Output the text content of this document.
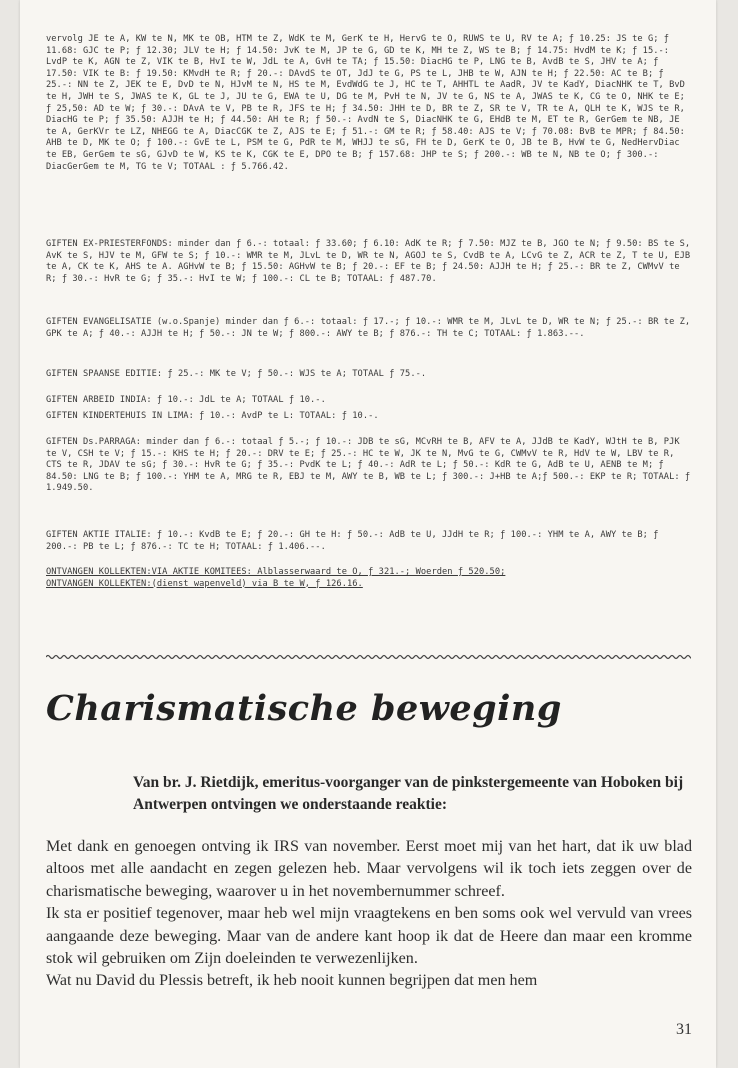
vervolg JE te A, KW te N, MK te OB, HTM te Z, WdK te M, GerK te H, HervG te O, RUWS te U, RV te A; ƒ 10.25: JS te G; ƒ 11.68: GJC te P; ƒ 12.30; JLV te H; ƒ 14.50: JvK te M, JP te G, GD te K, MH te Z, WS te B; ƒ 14.75: HvdM te K; ƒ 15.-: LvdP te K, AGN te Z, VIK te B, HvI te W, JdL te A, GvH te TA; ƒ 15.50: DiacHG te P, LNG te B, AvdB te S, JHV te A; ƒ 17.50: VIK te B: ƒ 19.50: KMvdH te R; ƒ 20.-: DAvdS te OT, JdJ te G, PS te L, JHB te W, AJN te H; ƒ 22.50: AC te B; ƒ 25.-: NN te Z, JEK te E, DvD te N, HJvM te N, HS te M, EvdWdG te J, HC te T, AHHTL te AadR, JV te KadY, DiacNHK te T, BvD te H, JWH te S, JWAS te K, GL te J, JU te G, EWA te U, DG te M, PvH te N, JV te G, NS te A, JWAS te K, CG te O, NHK te E; ƒ 25,50: AD te W; ƒ 30.-: DAvA te V, PB te R, JFS te H; ƒ 34.50: JHH te D, BR te Z, SR te V, TR te A, QLH te K, WJS te R, DiacHG te P; ƒ 35.50: AJJH te H; ƒ 44.50: AH te R; ƒ 50.-: AvdN te S, DiacNHK te G, EHdB te M, ET te R, GerGem te NB, JE te A, GerKVr te LZ, NHEGG te A, DiacCGK te Z, AJS te E; ƒ 51.-: GM te R; ƒ 58.40: AJS te V; ƒ 70.08: BvB te MPR; ƒ 84.50: AHB te D, MK te O; ƒ 100.-: GvE te L, PSM te G, PdR te M, WHJJ te sG, FH te D, GerK te O, JB te B, HvW te G, NedHervDiac te EB, GerGem te sG, GJvD te W, KS te K, CGK te E, DPO te B; ƒ 157.68: JHP te S; ƒ 200.-: WB te N, NB te O; ƒ 300.-: DiacGerGem te M, TG te V; TOTAAL : ƒ 5.766.42.

GIFTEN EX-PRIESTERFONDS: minder dan ƒ 6.-: totaal: ƒ 33.60; ƒ 6.10: AdK te R; ƒ 7.50: MJZ te B, JGO te N; ƒ 9.50: BS te S, AvK te S, HJV te M, GFW te S; ƒ 10.-: WMR te M, JLvL te D, WR te N, AGOJ te S, CvdB te A, LCvG te Z, ACR te Z, T te U, EJB te A, CK te K, AHS te A. AGHvW te B; ƒ 15.50: AGHvW te B; ƒ 20.-: EF te B; ƒ 24.50: AJJH te H; ƒ 25.-: BR te Z, CWMvV te R; ƒ 30.-: HvR te G; ƒ 35.-: HvI te W; ƒ 100.-: CL te B; TOTAAL: ƒ 487.70.

GIFTEN EVANGELISATIE (w.o.Spanje) minder dan ƒ 6.-: totaal: ƒ 17.-; ƒ 10.-: WMR te M, JLvL te D, WR te N; ƒ 25.-: BR te Z, GPK te A; ƒ 40.-: AJJH te H; ƒ 50.-: JN te W; ƒ 800.-: AWY te B; ƒ 876.-: TH te C; TOTAAL: ƒ 1.863.--.

GIFTEN SPAANSE EDITIE: ƒ 25.-: MK te V; ƒ 50.-: WJS te A; TOTAAL ƒ 75.-.

GIFTEN ARBEID INDIA: ƒ 10.-: JdL te A; TOTAAL ƒ 10.-.

GIFTEN KINDERTEHUIS IN LIMA: ƒ 10.-: AvdP te L: TOTAAL: ƒ 10.-.

GIFTEN Ds.PARRAGA: minder dan ƒ 6.-: totaal ƒ 5.-; ƒ 10.-: JDB te sG, MCvRH te B, AFV te A, JJdB te KadY, WJtH te B, PJK te V, CSH te V; ƒ 15.-: KHS te H; ƒ 20.-: DRV te E; ƒ 25.-: HC te W, JK te N, MvG te G, CWMvV te R, HdV te W, LBV te R, CTS te R, JDAV te sG; ƒ 30.-: HvR te G; ƒ 35.-: PvdK te L; ƒ 40.-: AdR te L; ƒ 50.-: KdR te G, AdB te U, AENB te M; ƒ 84.50: LNG te B; ƒ 100.-: YHM te A, MRG te R, EBJ te M, AWY te B, WB te L; ƒ 300.-: J+HB te A;ƒ 500.-: EKP te R; TOTAAL: ƒ 1.949.50.

GIFTEN AKTIE ITALIE: ƒ 10.-: KvdB te E; ƒ 20.-: GH te H: ƒ 50.-: AdB te U, JJdH te R; ƒ 100.-: YHM te A, AWY te B; ƒ 200.-: PB te L; ƒ 876.-: TC te H; TOTAAL: ƒ 1.406.--.

ONTVANGEN KOLLEKTEN:VIA AKTIE KOMITEES: Alblasserwaard te O, ƒ 321.-; Woerden ƒ 520.50;

ONTVANGEN KOLLEKTEN:(dienst wapenveld) via B te W, ƒ 126.16.

Charismatische beweging
Van br. J. Rietdijk, emeritus-voorganger van de pinkstergemeente van Hoboken bij Antwerpen ontvingen we onderstaande reaktie:

Met dank en genoegen ontving ik IRS van november. Eerst moet mij van het hart, dat ik uw blad altoos met alle aandacht en zegen gelezen heb. Maar vervolgens wil ik toch iets zeggen over de charismatische beweging, waarover u in het novembernummer schreef.

Ik sta er positief tegenover, maar heb wel mijn vraagtekens en ben soms ook wel vervuld van vrees aangaande deze beweging. Maar van de andere kant hoop ik dat de Heere dan maar een kromme stok wil gebruiken om Zijn doeleinden te verwezenlijken.

Wat nu David du Plessis betreft, ik heb nooit kunnen begrijpen dat men hem

31
